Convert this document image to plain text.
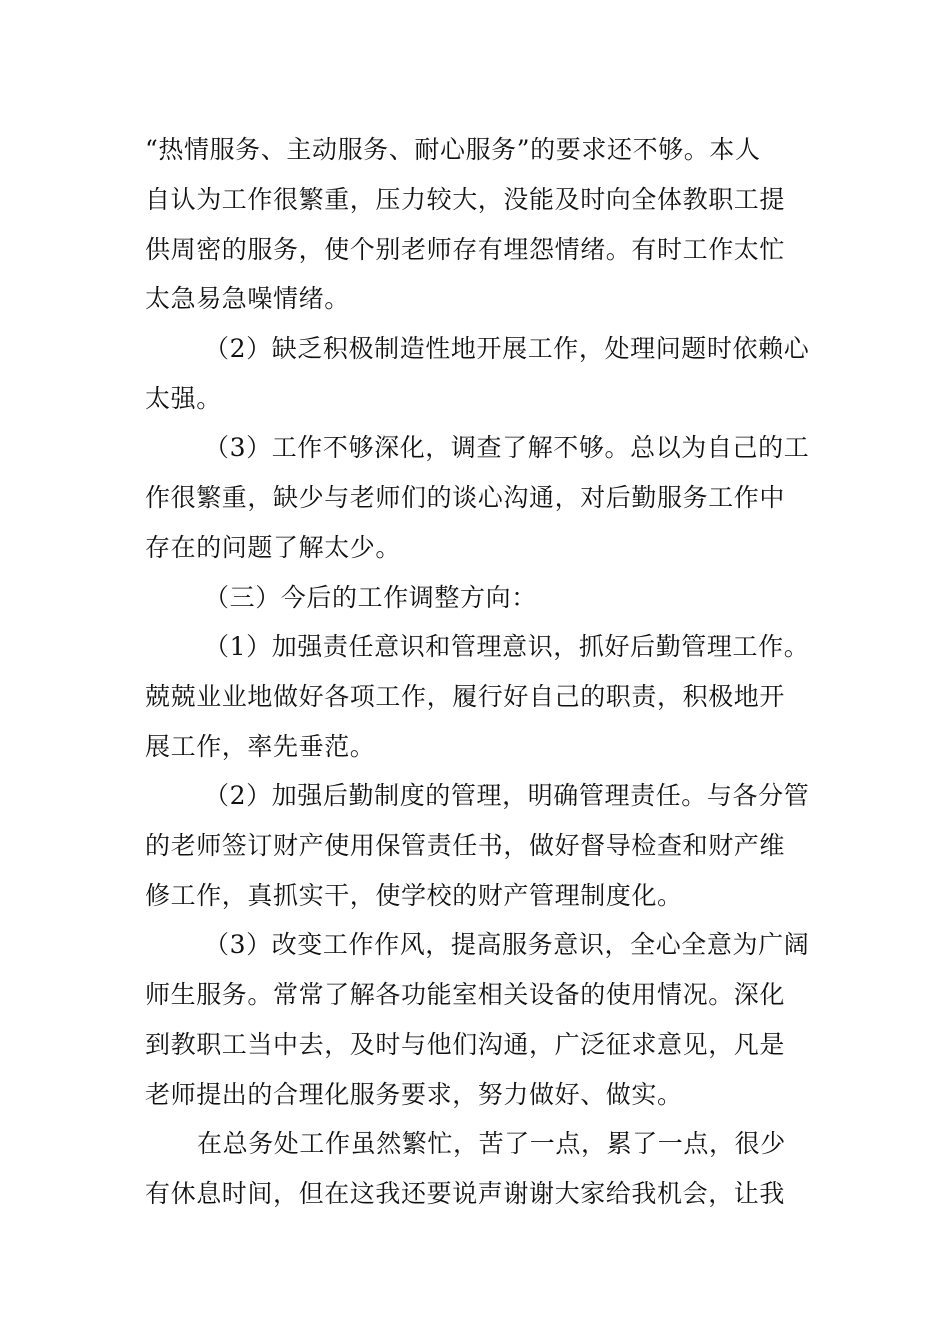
“热情服务、主动服务、耐心服务”的要求还不够。本人
自认为工作很繁重，压力较大，没能及时向全体教职工提
供周密的服务，使个别老师存有埋怨情绪。有时工作太忙
太急易急噪情绪。
（2）缺乏积极制造性地开展工作，处理问题时依赖心
太强。
（3）工作不够深化，调查了解不够。总以为自己的工
作很繁重，缺少与老师们的谈心沟通，对后勤服务工作中
存在的问题了解太少。
（三）今后的工作调整方向：
（1）加强责任意识和管理意识，抓好后勤管理工作。
兢兢业业地做好各项工作，履行好自己的职责，积极地开
展工作，率先垂范。
（2）加强后勤制度的管理，明确管理责任。与各分管
的老师签订财产使用保管责任书，做好督导检查和财产维
修工作，真抓实干，使学校的财产管理制度化。
（3）改变工作作风，提高服务意识，全心全意为广阔
师生服务。常常了解各功能室相关设备的使用情况。深化
到教职工当中去，及时与他们沟通，广泛征求意见，凡是
老师提出的合理化服务要求，努力做好、做实。
在总务处工作虽然繁忙，苦了一点，累了一点，很少
有休息时间，但在这我还要说声谢谢大家给我机会，让我
